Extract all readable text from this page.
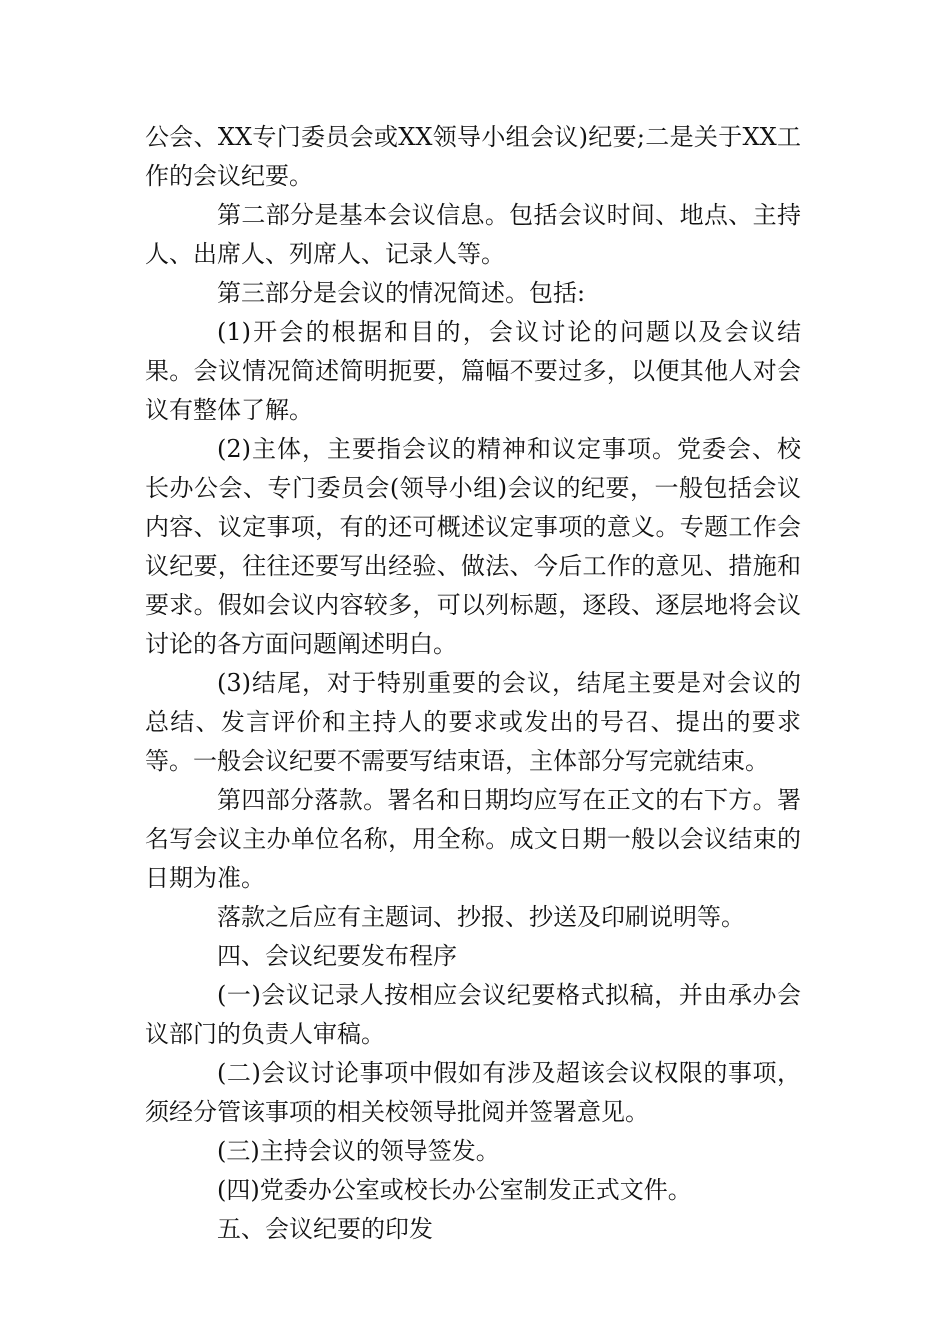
公会、XX专门委员会或XX领导小组会议)纪要;二是关于XX工作的会议纪要。

第二部分是基本会议信息。包括会议时间、地点、主持人、出席人、列席人、记录人等。

第三部分是会议的情况简述。包括:

(1)开会的根据和目的，会议讨论的问题以及会议结果。会议情况简述简明扼要，篇幅不要过多，以便其他人对会议有整体了解。

(2)主体，主要指会议的精神和议定事项。党委会、校长办公会、专门委员会(领导小组)会议的纪要，一般包括会议内容、议定事项，有的还可概述议定事项的意义。专题工作会议纪要，往往还要写出经验、做法、今后工作的意见、措施和要求。假如会议内容较多，可以列标题，逐段、逐层地将会议讨论的各方面问题阐述明白。

(3)结尾，对于特别重要的会议，结尾主要是对会议的总结、发言评价和主持人的要求或发出的号召、提出的要求等。一般会议纪要不需要写结束语，主体部分写完就结束。

第四部分落款。署名和日期均应写在正文的右下方。署名写会议主办单位名称，用全称。成文日期一般以会议结束的日期为准。

落款之后应有主题词、抄报、抄送及印刷说明等。

四、会议纪要发布程序

(一)会议记录人按相应会议纪要格式拟稿，并由承办会议部门的负责人审稿。

(二)会议讨论事项中假如有涉及超该会议权限的事项，须经分管该事项的相关校领导批阅并签署意见。

(三)主持会议的领导签发。

(四)党委办公室或校长办公室制发正式文件。

五、会议纪要的印发
